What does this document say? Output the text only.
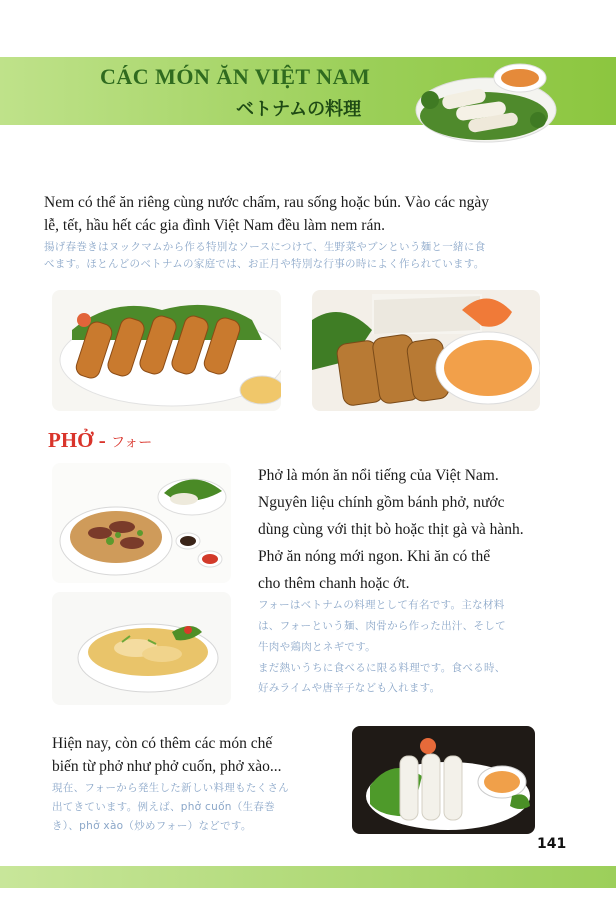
CÁC MÓN ĂN VIỆT NAM
ベトナムの料理
Nem có thể ăn riêng cùng nước chấm, rau sống hoặc bún. Vào các ngày
lễ, tết, hầu hết các gia đình Việt Nam đều làm nem rán.
揚げ春巻きはヌックマムから作る特別なソースにつけて、生野菜やブンという麺と一緒に食
べます。ほとんどのベトナムの家庭では、お正月や特別な行事の時によく作られています。
PHỞ - フォー
Phở là món ăn nổi tiếng của Việt Nam.
Nguyên liệu chính gồm bánh phở, nước
dùng cùng với thịt bò hoặc thịt gà và hành.
Phở ăn nóng mới ngon. Khi ăn có thể
cho thêm chanh hoặc ớt.
フォーはベトナムの料理として有名です。主な材料
は、フォーという麺、肉骨から作った出汁、そして
牛肉や鶏肉とネギです。
まだ熱いうちに食べるに限る料理です。食べる時、
好みライムや唐辛子なども入れます。
Hiện nay, còn có thêm các món chế
biến từ phở như phở cuốn, phở xào...
現在、フォーから発生した新しい料理もたくさん
出てきています。例えば、phở cuốn（生春巻
き）、phở xào（炒めフォー）などです。
141
